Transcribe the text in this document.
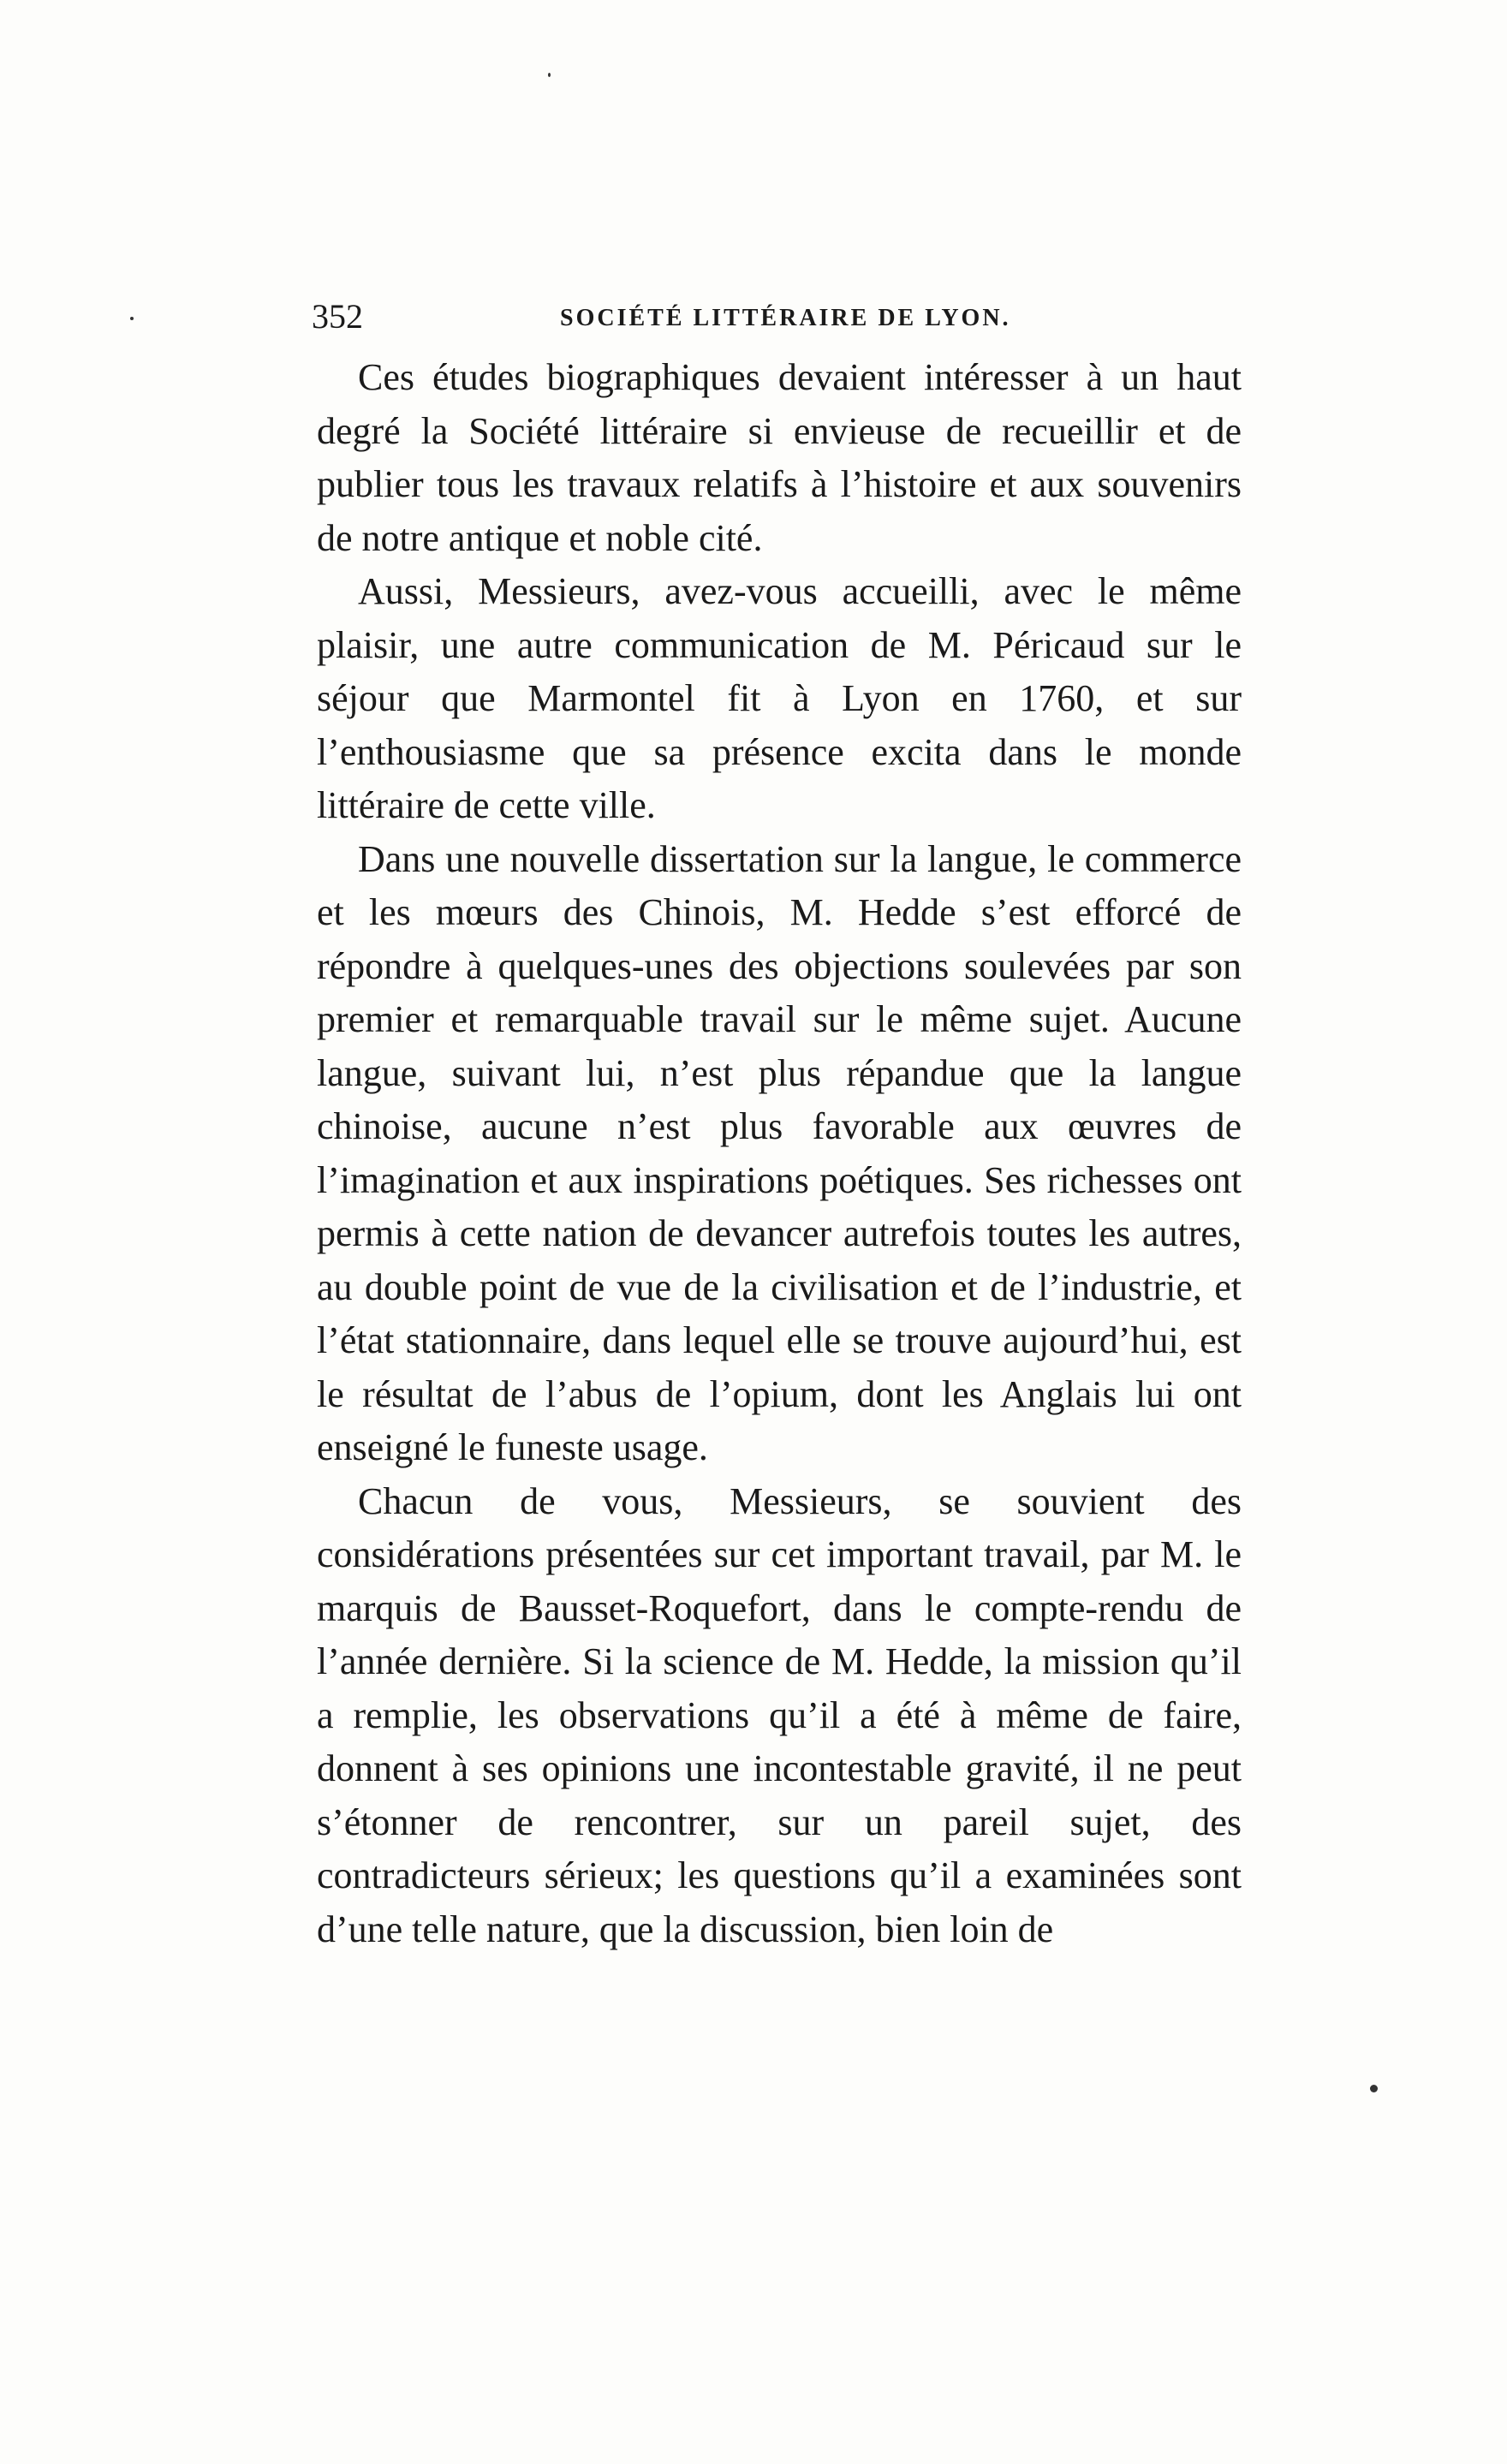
352	SOCIÉTÉ LITTÉRAIRE DE LYON.

Ces études biographiques devaient intéresser à un haut degré la Société littéraire si envieuse de recueillir et de publier tous les travaux relatifs à l’histoire et aux souvenirs de notre antique et noble cité.

Aussi, Messieurs, avez-vous accueilli, avec le même plaisir, une autre communication de M. Péricaud sur le séjour que Marmontel fit à Lyon en 1760, et sur l’enthousiasme que sa présence excita dans le monde littéraire de cette ville.

Dans une nouvelle dissertation sur la langue, le commerce et les mœurs des Chinois, M. Hedde s’est efforcé de répondre à quelques-unes des objections soulevées par son premier et remarquable travail sur le même sujet. Aucune langue, suivant lui, n’est plus répandue que la langue chinoise, aucune n’est plus favorable aux œuvres de l’imagination et aux inspirations poétiques. Ses richesses ont permis à cette nation de devancer autrefois toutes les autres, au double point de vue de la civilisation et de l’industrie, et l’état stationnaire, dans lequel elle se trouve aujourd’hui, est le résultat de l’abus de l’opium, dont les Anglais lui ont enseigné le funeste usage.

Chacun de vous, Messieurs, se souvient des considérations présentées sur cet important travail, par M. le marquis de Bausset-Roquefort, dans le compte-rendu de l’année dernière. Si la science de M. Hedde, la mission qu’il a remplie, les observations qu’il a été à même de faire, donnent à ses opinions une incontestable gravité, il ne peut s’étonner de rencontrer, sur un pareil sujet, des contradicteurs sérieux; les questions qu’il a examinées sont d’une telle nature, que la discussion, bien loin de
